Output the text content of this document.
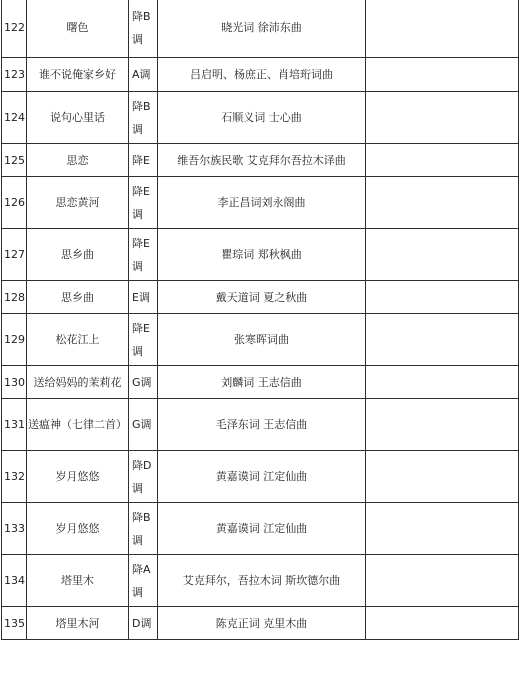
122	曙色	降B调	晓光词 徐沛东曲	
123	谁不说俺家乡好	A调	吕启明、杨庶正、肖培珩词曲	
124	说句心里话	降B调	石顺义词 士心曲	
125	思恋	降E	维吾尔族民歌 艾克拜尔吾拉木译曲	
126	思恋黄河	降E调	李正昌词刘永阁曲	
127	思乡曲	降E调	瞿琮词 郑秋枫曲	
128	思乡曲	E调	戴天道词 夏之秋曲	
129	松花江上	降E调	张寒晖词曲	
130	送给妈妈的茉莉花	G调	刘麟词 王志信曲	
131	送瘟神（七律二首）	G调	毛泽东词 王志信曲	
132	岁月悠悠	降D调	黄嘉谟词 江定仙曲	
133	岁月悠悠	降B调	黄嘉谟词 江定仙曲	
134	塔里木	降A调	艾克拜尔，吾拉木词 斯坎德尔曲	
135	塔里木河	D调	陈克正词 克里木曲	
